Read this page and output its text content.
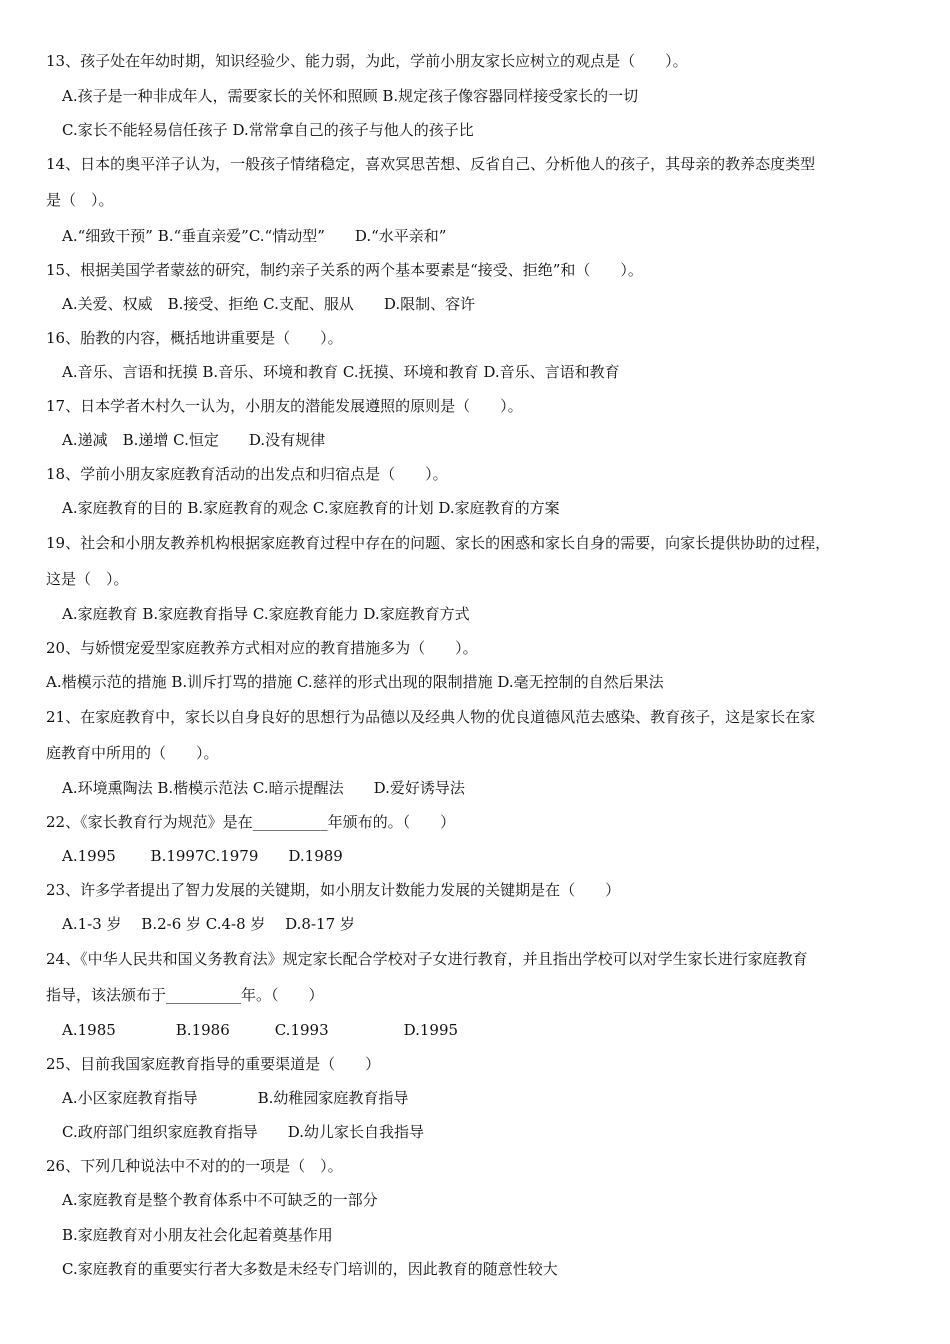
13、孩子处在年幼时期，知识经验少、能力弱，为此，学前小朋友家长应树立的观点是（　　）。
A.孩子是一种非成年人，需要家长的关怀和照顾 B.规定孩子像容器同样接受家长的一切
C.家长不能轻易信任孩子 D.常常拿自己的孩子与他人的孩子比
14、日本的奥平洋子认为，一般孩子情绪稳定，喜欢冥思苦想、反省自己、分析他人的孩子，其母亲的教养态度类型
是（　）。
A.“细致干预” B.“垂直亲爱”C.“情动型”　　D.“水平亲和”
15、根据美国学者蒙兹的研究，制约亲子关系的两个基本要素是“接受、拒绝”和（　　）。
A.关爱、权威　B.接受、拒绝 C.支配、服从　　D.限制、容许
16、胎教的内容，概括地讲重要是（　　）。
A.音乐、言语和抚摸 B.音乐、环境和教育 C.抚摸、环境和教育 D.音乐、言语和教育
17、日本学者木村久一认为，小朋友的潜能发展遵照的原则是（　　）。
A.递减　B.递增 C.恒定　　D.没有规律
18、学前小朋友家庭教育活动的出发点和归宿点是（　　）。
A.家庭教育的目的 B.家庭教育的观念 C.家庭教育的计划 D.家庭教育的方案
19、社会和小朋友教养机构根据家庭教育过程中存在的问题、家长的困惑和家长自身的需要，向家长提供协助的过程，
这是（　）。
A.家庭教育 B.家庭教育指导 C.家庭教育能力 D.家庭教育方式
20、与娇惯宠爱型家庭教养方式相对应的教育措施多为（　　）。
A.楷模示范的措施 B.训斥打骂的措施 C.慈祥的形式出现的限制措施 D.毫无控制的自然后果法
21、在家庭教育中，家长以自身良好的思想行为品德以及经典人物的优良道德风范去感染、教育孩子，这是家长在家
庭教育中所用的（　　）。
A.环境熏陶法 B.楷模示范法 C.暗示提醒法　　D.爱好诱导法
22、《家长教育行为规范》是在__________年颁布的。（　　）
A.1995　　 B.1997C.1979　　D.1989
23、许多学者提出了智力发展的关键期，如小朋友计数能力发展的关键期是在（　　）
A.1-3 岁　 B.2-6 岁 C.4-8 岁　 D.8-17 岁
24、《中华人民共和国义务教育法》规定家长配合学校对子女进行教育，并且指出学校可以对学生家长进行家庭教育
指导，该法颁布于__________年。（　　）
A.1985　　　　B.1986　　　C.1993　　　　　D.1995
25、目前我国家庭教育指导的重要渠道是（　　）
A.小区家庭教育指导　　　　B.幼稚园家庭教育指导
C.政府部门组织家庭教育指导　　D.幼儿家长自我指导
26、下列几种说法中不对的的一项是（　）。
A.家庭教育是整个教育体系中不可缺乏的一部分
B.家庭教育对小朋友社会化起着奠基作用
C.家庭教育的重要实行者大多数是未经专门培训的，因此教育的随意性较大
